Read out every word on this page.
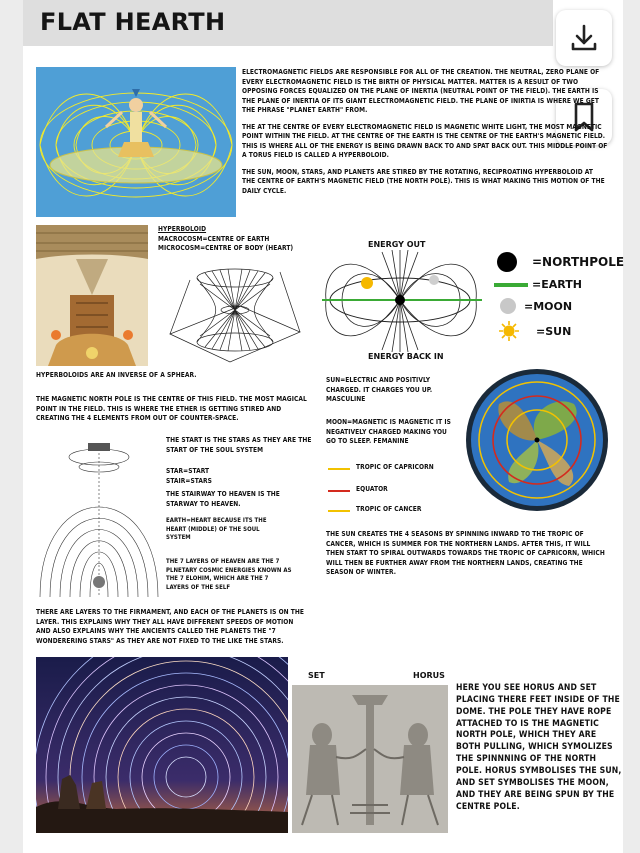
FLAT HEARTH

ELECTROMAGNETIC FIELDS ARE RESPONSIBLE FOR ALL OF THE CREATION. THE NEUTRAL, ZERO PLANE OF EVERY ELECTROMAGNETIC FIELD IS THE BIRTH OF PHYSICAL MATTER. MATTER IS A RESULT OF TWO OPPOSING FORCES EQUALIZED ON THE PLANE OF INERTIA (NEUTRAL POINT OF THE FIELD). THE EARTH IS THE PLANE OF INERTIA OF ITS GIANT ELECTROMAGNETIC FIELD. THE PLANE OF INIRTIA IS WHERE WE GET THE PHRASE "PLANET EARTH" FROM.

THE AT THE CENTRE OF EVERY ELECTROMAGNETIC FIELD IS MAGNETIC WHITE LIGHT, THE MOST MAGNETIC POINT WITHIN THE FIELD. AT THE CENTRE OF THE EARTH IS THE CENTRE OF THE EARTH'S MAGNETIC FIELD. THIS IS WHERE ALL OF THE ENERGY IS BEING DRAWN BACK TO AND SPAT BACK OUT. THIS MIDDLE POINT OF A TORUS FIELD IS CALLED A HYPERBOLOID.

THE SUN, MOON, STARS, AND PLANETS ARE STIRED BY THE ROTATING, RECIPROATING HYPERBOLOID AT THE CENTRE OF EARTH'S MAGNETIC FIELD (THE NORTH POLE). THIS IS WHAT MAKING THIS MOTION OF THE DAILY CYCLE.

HYPERBOLOID
MACROCOSM=CENTRE OF EARTH
MICROCOSM=CENTRE OF BODY (HEART)	ENERGY OUT
ENERGY BACK IN
=NORTHPOLE
=EARTH
=MOON
=SUN
HYPERBOLOIDS ARE AN INVERSE OF A SPHEAR.
THE MAGNETIC NORTH POLE IS THE CENTRE OF THIS FIELD. THE MOST MAGICAL POINT IN THE FIELD. THIS IS WHERE THE ETHER IS GETTING STIRED AND CREATING THE 4 ELEMENTS FROM OUT OF COUNTER-SPACE.
SUN=ELECTRIC AND POSITIVLY CHARGED. IT CHARGES YOU UP. MASCULINE
MOON=MAGNETIC IS MAGNETIC IT IS NEGATIVELY CHARGED MAKING YOU GO TO SLEEP. FEMANINE
TROPIC OF CAPRICORN
EQUATOR
TROPIC OF CANCER
THE SUN CREATES THE 4 SEASONS BY SPINNING INWARD TO THE TROPIC OF CANCER, WHICH IS SUMMER FOR THE NORTHERN LANDS. AFTER THIS, IT WILL THEN START TO SPIRAL OUTWARDS TOWARDS THE TROPIC OF CAPRICORN, WHICH WILL THEN BE FURTHER AWAY FROM THE NORTHERN LANDS, CREATING THE SEASON OF WINTER.
THE START IS THE STARS AS THEY ARE THE START OF THE SOUL SYSTEM
STAR=START
STAIR=STARS
THE STAIRWAY TO HEAVEN IS THE STARWAY TO HEAVEN.
EARTH=HEART BECAUSE ITS THE HEART (MIDDLE) OF THE SOUL SYSTEM
THE 7 LAYERS OF HEAVEN ARE THE 7 PLNETARY COSMIC ENERGIES KNOWN AS THE 7 ELOHIM, WHICH ARE THE 7 LAYERS OF THE SELF
THERE ARE LAYERS TO THE FIRMAMENT, AND EACH OF THE PLANETS IS ON THE LAYER. THIS EXPLAINS WHY THEY ALL HAVE DIFFERENT SPEEDS OF MOTION AND ALSO EXPLAINS WHY THE ANCIENTS CALLED THE PLANETS THE "7 WONDERERING STARS" AS THEY ARE NOT FIXED TO THE LIKE THE STARS.
SET	HORUS
HERE YOU SEE HORUS AND SET PLACING THERE FEET INSIDE OF THE DOME. THE POLE THEY HAVE ROPE ATTACHED TO IS THE MAGNETIC NORTH POLE, WHICH THEY ARE BOTH PULLING, WHICH SYMOLIZES THE SPINNNING OF THE NORTH POLE. HORUS SYMBOLISES THE SUN, AND SET SYMBOLISES THE MOON, AND THEY ARE BEING SPUN BY THE CENTRE POLE.
